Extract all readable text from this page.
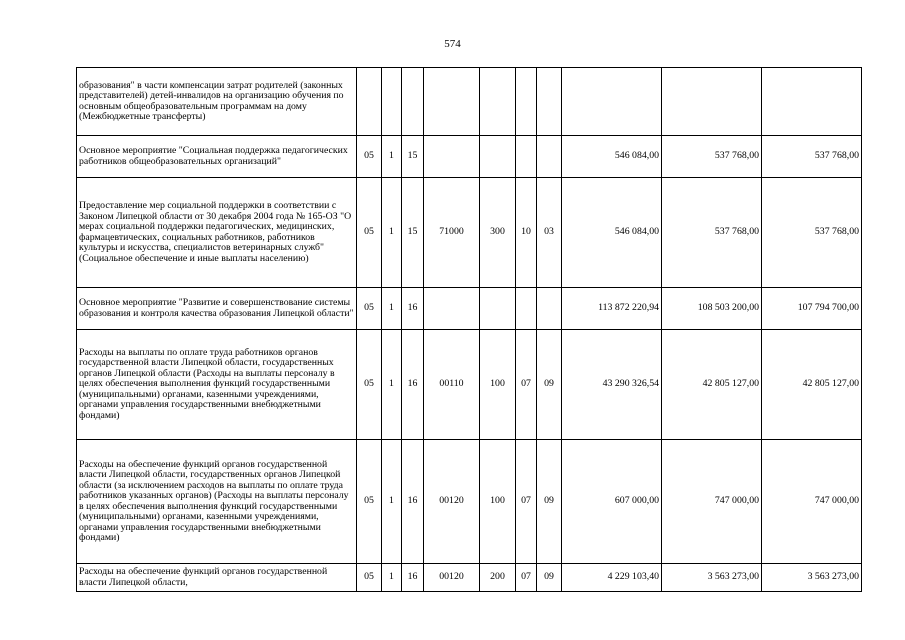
574
образования" в части компенсации затрат родителей (законных представителей) детей-инвалидов на организацию обучения по основным общеобразовательным программам на дому (Межбюджетные трансферты)										
Основное мероприятие "Социальная поддержка педагогических работников общеобразовательных организаций"	05	1	15					546 084,00	537 768,00	537 768,00
Предоставление мер социальной поддержки в соответствии с Законом Липецкой области от 30 декабря 2004 года № 165-ОЗ "О мерах социальной поддержки педагогических, медицинских, фармацевтических, социальных работников, работников культуры и искусства, специалистов ветеринарных служб" (Социальное обеспечение и иные выплаты населению)	05	1	15	71000	300	10	03	546 084,00	537 768,00	537 768,00
Основное мероприятие "Развитие и совершенствование системы образования и контроля качества образования Липецкой области"	05	1	16					113 872 220,94	108 503 200,00	107 794 700,00
Расходы на выплаты по оплате труда работников органов государственной власти Липецкой области, государственных органов Липецкой области (Расходы на выплаты персоналу в целях обеспечения выполнения функций государственными (муниципальными) органами, казенными учреждениями, органами управления государственными внебюджетными фондами)	05	1	16	00110	100	07	09	43 290 326,54	42 805 127,00	42 805 127,00
Расходы на обеспечение функций органов государственной власти Липецкой области, государственных органов Липецкой области (за исключением расходов на выплаты по оплате труда работников указанных органов) (Расходы на выплаты персоналу в целях обеспечения выполнения функций государственными (муниципальными) органами, казенными учреждениями, органами управления государственными внебюджетными фондами)	05	1	16	00120	100	07	09	607 000,00	747 000,00	747 000,00
Расходы на обеспечение функций органов государственной власти Липецкой области,	05	1	16	00120	200	07	09	4 229 103,40	3 563 273,00	3 563 273,00
